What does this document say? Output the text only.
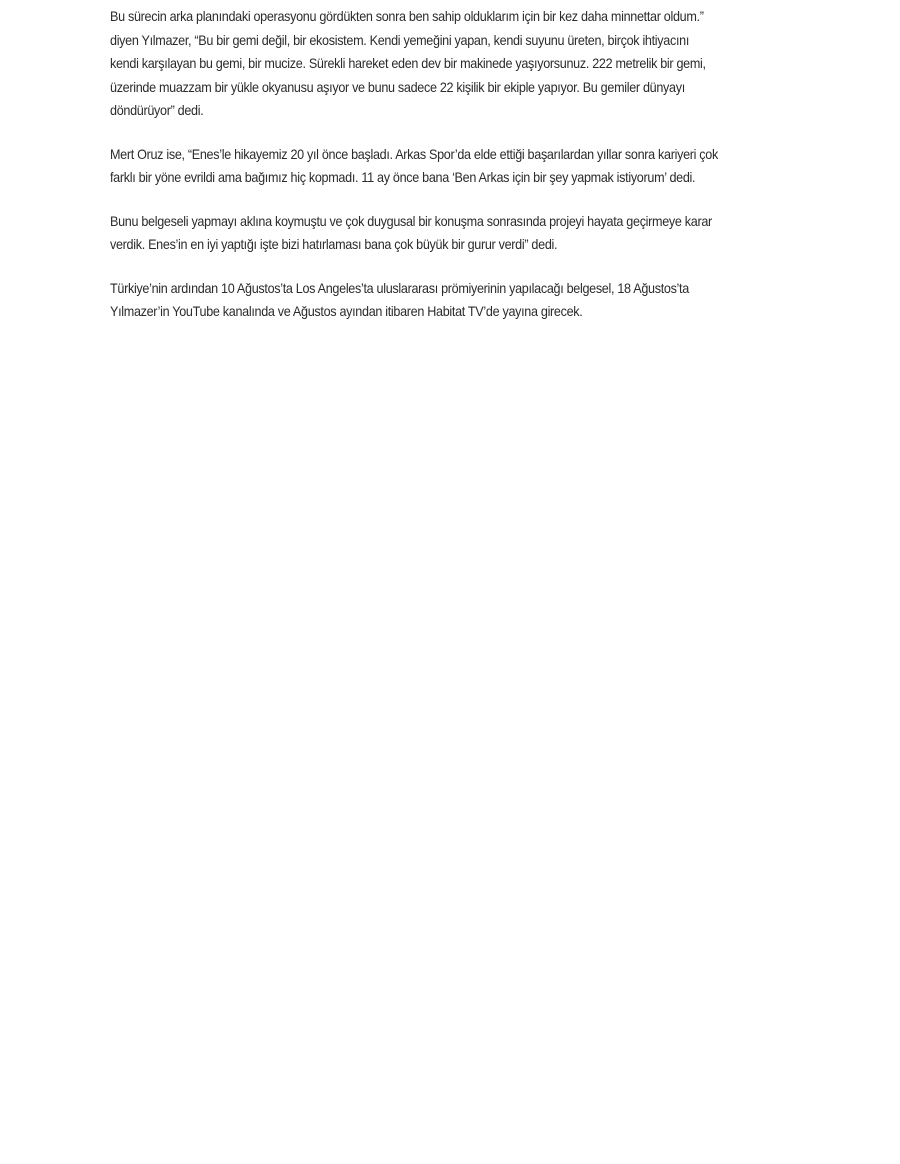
Bu sürecin arka planındaki operasyonu gördükten sonra ben sahip olduklarım için bir kez daha minnettar oldum.”
diyen Yılmazer, “Bu bir gemi değil, bir ekosistem. Kendi yemeğini yapan, kendi suyunu üreten, birçok ihtiyacını
kendi karşılayan bu gemi, bir mucize. Sürekli hareket eden dev bir makinede yaşıyorsunuz. 222 metrelik bir gemi,
üzerinde muazzam bir yükle okyanusu aşıyor ve bunu sadece 22 kişilik bir ekiple yapıyor. Bu gemiler dünyayı
döndürüyor” dedi.

Mert Oruz ise, “Enes’le hikayemiz 20 yıl önce başladı. Arkas Spor’da elde ettiği başarılardan yıllar sonra kariyeri çok
farklı bir yöne evrildi ama bağımız hiç kopmadı. 11 ay önce bana ‘Ben Arkas için bir şey yapmak istiyorum’ dedi.

Bunu belgeseli yapmayı aklına koymuştu ve çok duygusal bir konuşma sonrasında projeyi hayata geçirmeye karar
verdik. Enes’in en iyi yaptığı işte bizi hatırlaması bana çok büyük bir gurur verdi” dedi.

Türkiye’nin ardından 10 Ağustos’ta Los Angeles’ta uluslararası prömiyerinin yapılacağı belgesel, 18 Ağustos’ta
Yılmazer’in YouTube kanalında ve Ağustos ayından itibaren Habitat TV’de yayına girecek.
